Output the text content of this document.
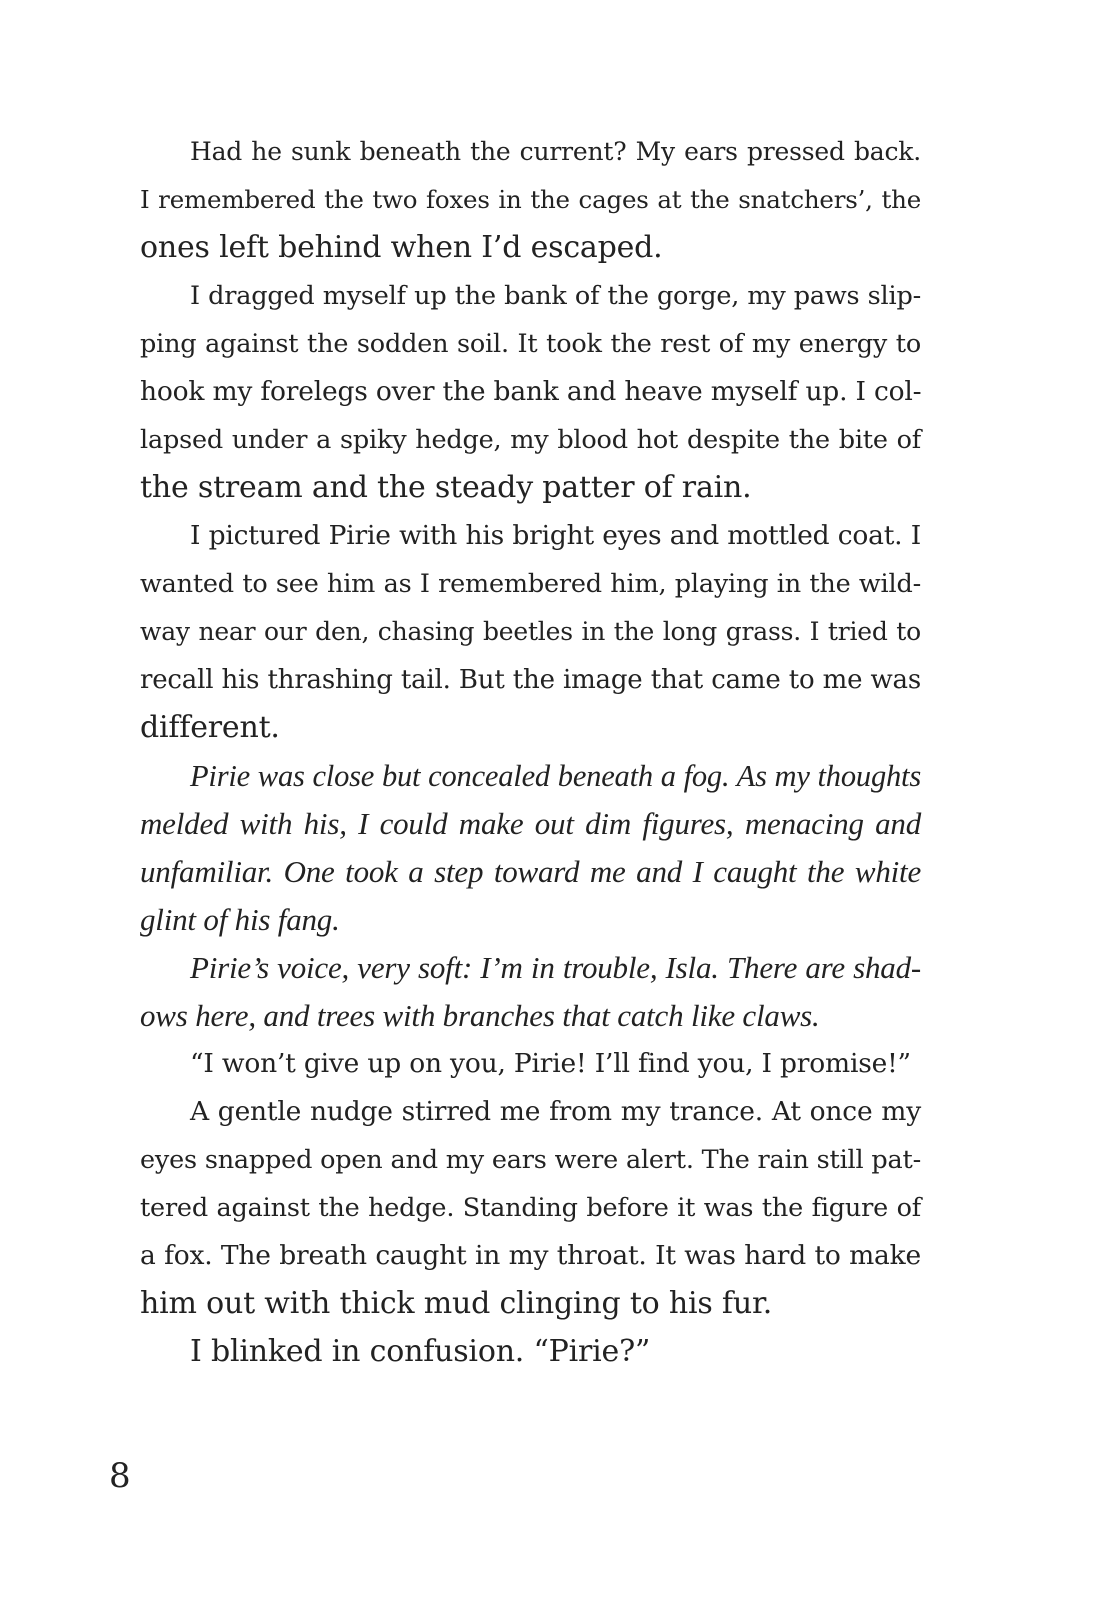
Had he sunk beneath the current? My ears pressed back.
I remembered the two foxes in the cages at the snatchers’, the
ones left behind when I’d escaped.
I dragged myself up the bank of the gorge, my paws slip-
ping against the sodden soil. It took the rest of my energy to
hook my forelegs over the bank and heave myself up. I col-
lapsed under a spiky hedge, my blood hot despite the bite of
the stream and the steady patter of rain.
I pictured Pirie with his bright eyes and mottled coat. I
wanted to see him as I remembered him, playing in the wild-
way near our den, chasing beetles in the long grass. I tried to
recall his thrashing tail. But the image that came to me was
different.
Pirie was close but concealed beneath a fog. As my thoughts
melded with his, I could make out dim figures, menacing and
unfamiliar. One took a step toward me and I caught the white
glint of his fang.
Pirie’s voice, very soft: I’m in trouble, Isla. There are shad-
ows here, and trees with branches that catch like claws.
“I won’t give up on you, Pirie! I’ll find you, I promise!”
A gentle nudge stirred me from my trance. At once my
eyes snapped open and my ears were alert. The rain still pat-
tered against the hedge. Standing before it was the figure of
a fox. The breath caught in my throat. It was hard to make
him out with thick mud clinging to his fur.
I blinked in confusion. “Pirie?”
8
